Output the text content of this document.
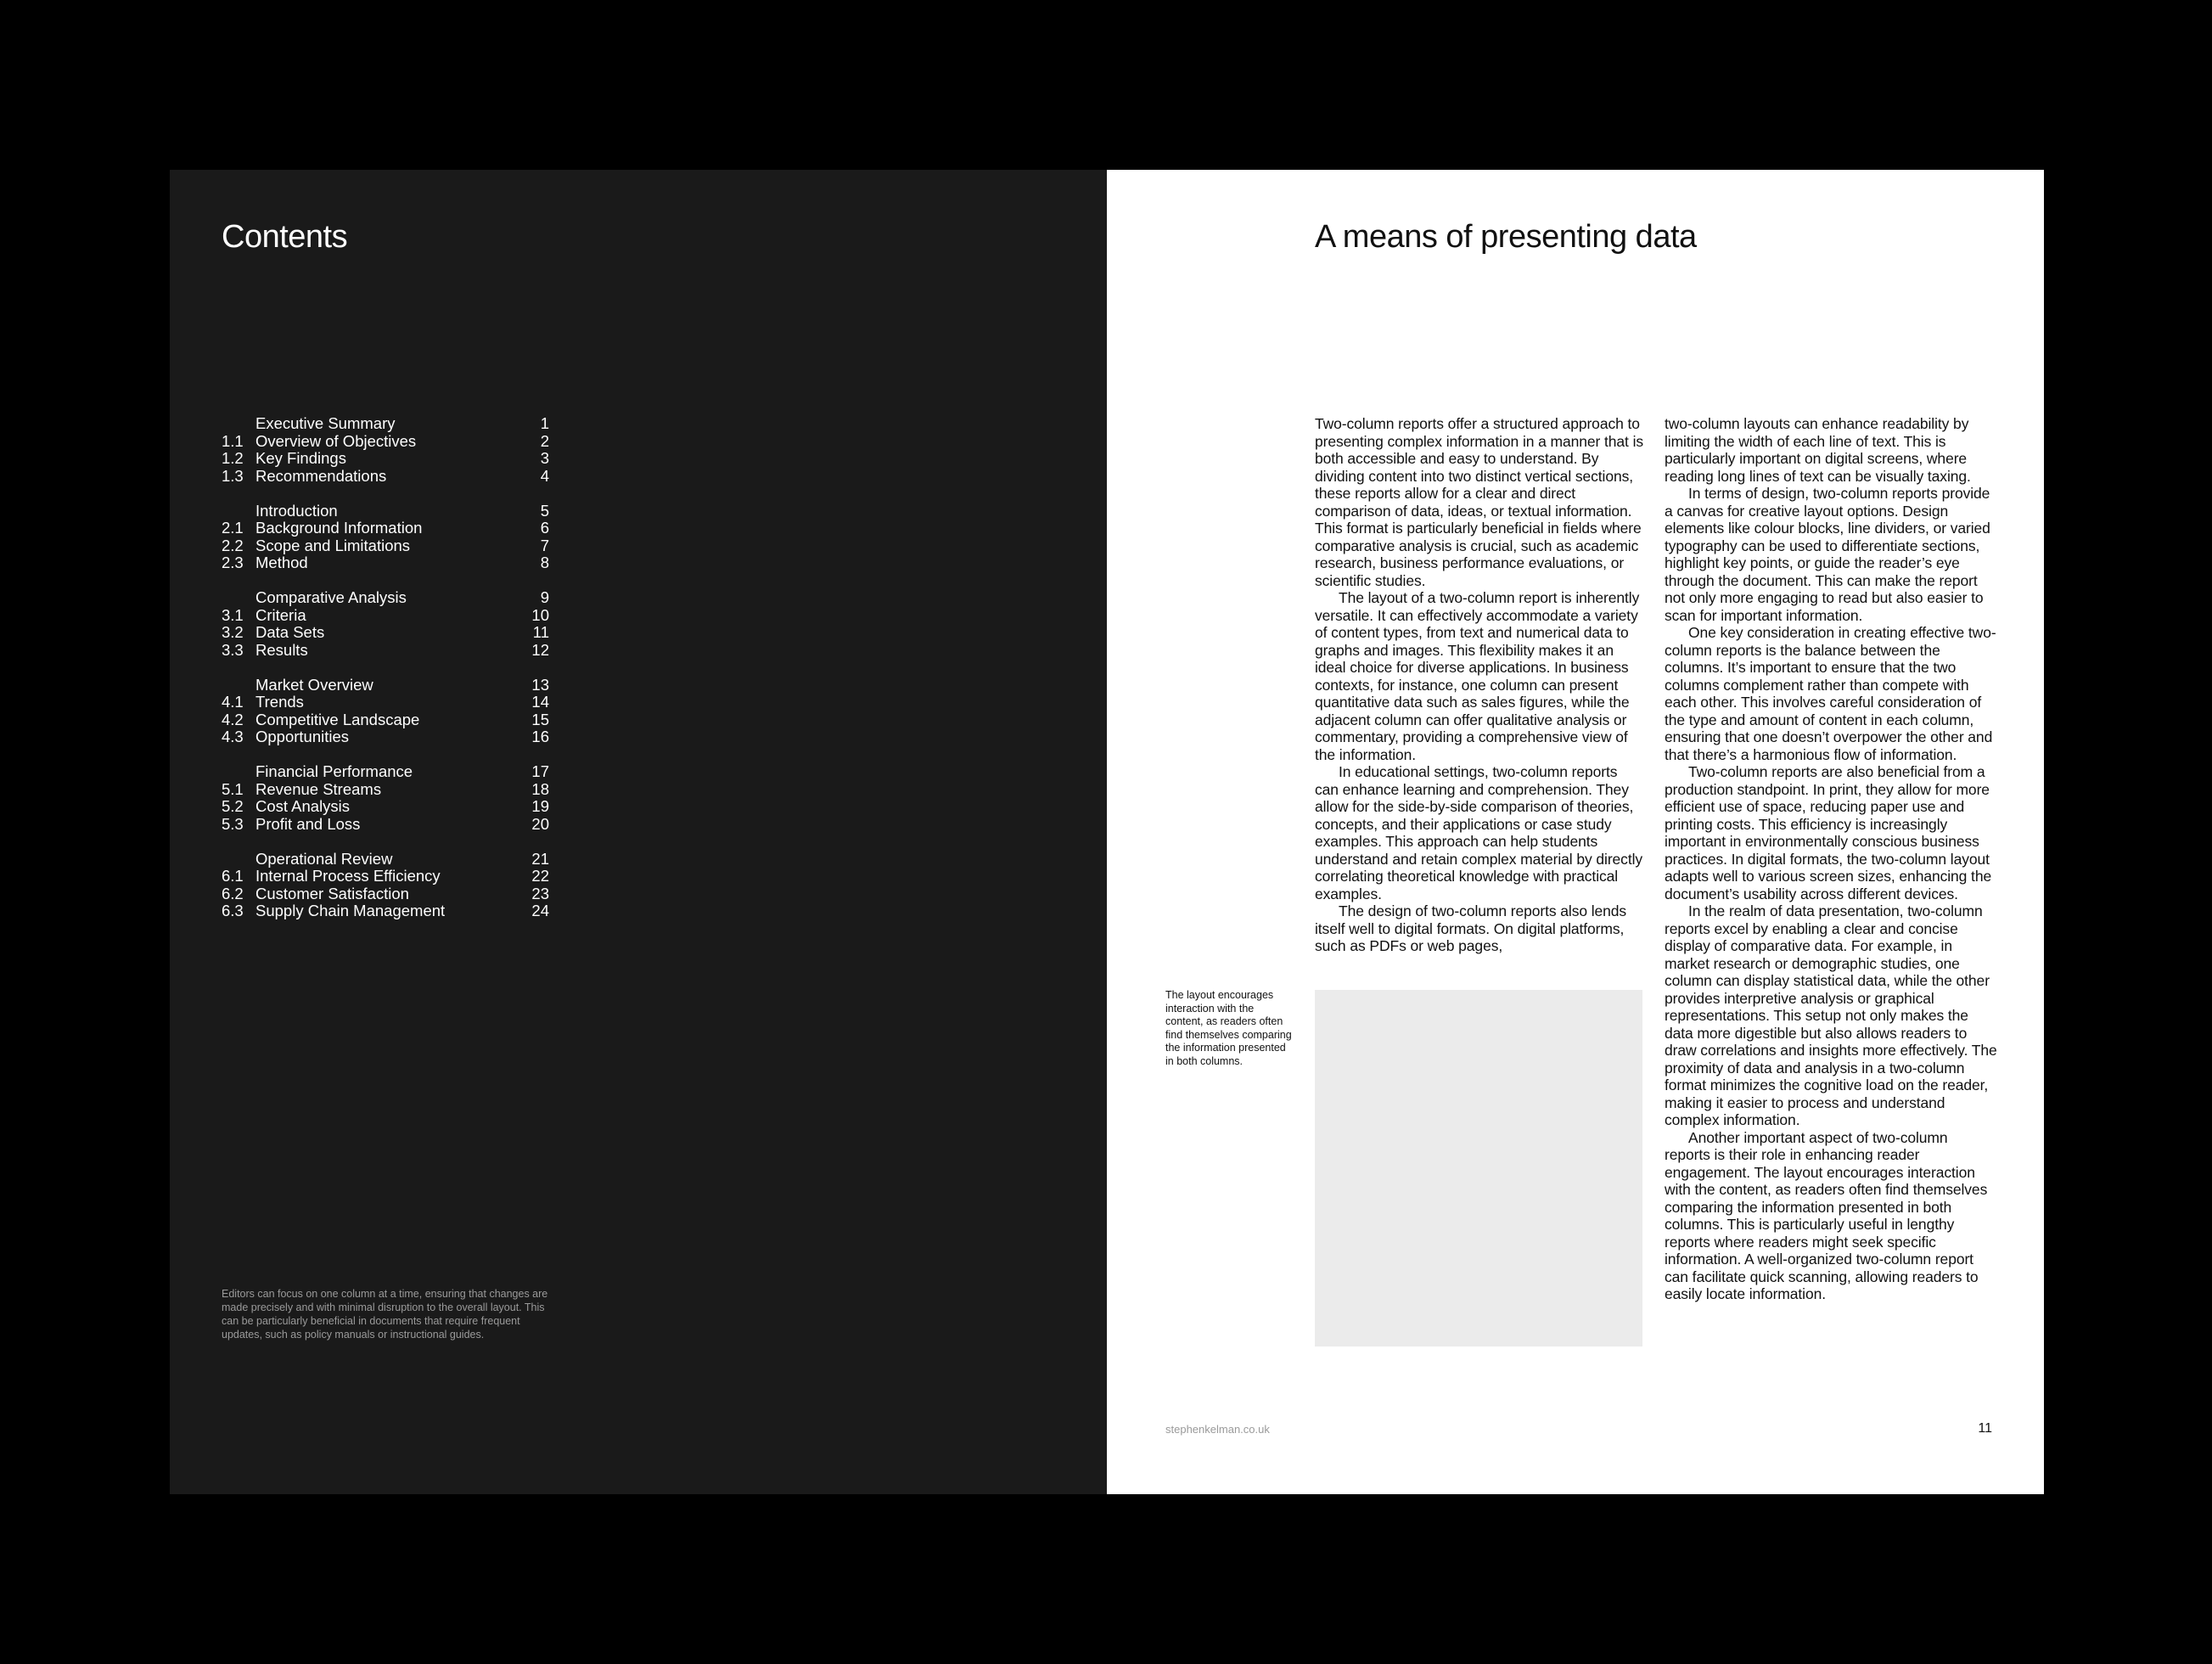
Contents
Executive Summary	1
1.1 Overview of Objectives	2
1.2 Key Findings	3
1.3 Recommendations	4
Introduction	5
2.1 Background Information	6
2.2 Scope and Limitations	7
2.3 Method	8
Comparative Analysis	9
3.1 Criteria	10
3.2 Data Sets	11
3.3 Results	12
Market Overview	13
4.1 Trends	14
4.2 Competitive Landscape	15
4.3 Opportunities	16
Financial Performance	17
5.1 Revenue Streams	18
5.2 Cost Analysis	19
5.3 Profit and Loss	20
Operational Review	21
6.1 Internal Process Efficiency	22
6.2 Customer Satisfaction	23
6.3 Supply Chain Management	24

Editors can focus on one column at a time, ensuring that changes are made precisely and with minimal disruption to the overall layout. This can be particularly beneficial in documents that require frequent updates, such as policy manuals or instructional guides.

A means of presenting data

Two-column reports offer a structured approach to presenting complex information in a manner that is both accessible and easy to understand. By dividing content into two distinct vertical sections, these reports allow for a clear and direct comparison of data, ideas, or textual information. This format is particularly beneficial in fields where comparative analysis is crucial, such as academic research, business performance evaluations, or scientific studies.

The layout of a two-column report is inherently versatile. It can effectively accommodate a variety of content types, from text and numerical data to graphs and images. This flexibility makes it an ideal choice for diverse applications. In business contexts, for instance, one column can present quantitative data such as sales figures, while the adjacent column can offer qualitative analysis or commentary, providing a comprehensive view of the information.

In educational settings, two-column reports can enhance learning and comprehension. They allow for the side-by-side comparison of theories, concepts, and their applications or case study examples. This approach can help students understand and retain complex material by directly correlating theoretical knowledge with practical examples.

The design of two-column reports also lends itself well to digital formats. On digital platforms, such as PDFs or web pages,

two-column layouts can enhance readability by limiting the width of each line of text. This is particularly important on digital screens, where reading long lines of text can be visually taxing.

In terms of design, two-column reports provide a canvas for creative layout options. Design elements like colour blocks, line dividers, or varied typography can be used to differentiate sections, highlight key points, or guide the reader’s eye through the document. This can make the report not only more engaging to read but also easier to scan for important information.

One key consideration in creating effective two-column reports is the balance between the columns. It’s important to ensure that the two columns complement rather than compete with each other. This involves careful consideration of the type and amount of content in each column, ensuring that one doesn’t overpower the other and that there’s a harmonious flow of information.

Two-column reports are also beneficial from a production standpoint. In print, they allow for more efficient use of space, reducing paper use and printing costs. This efficiency is increasingly important in environmentally conscious business practices. In digital formats, the two-column layout adapts well to various screen sizes, enhancing the document’s usability across different devices.

In the realm of data presentation, two-column reports excel by enabling a clear and concise display of comparative data. For example, in market research or demographic studies, one column can display statistical data, while the other provides interpretive analysis or graphical representations. This setup not only makes the data more digestible but also allows readers to draw correlations and insights more effectively. The proximity of data and analysis in a two-column format minimizes the cognitive load on the reader, making it easier to process and understand complex information.

Another important aspect of two-column reports is their role in enhancing reader engagement. The layout encourages interaction with the content, as readers often find themselves comparing the information presented in both columns. This is particularly useful in lengthy reports where readers might seek specific information. A well-organized two-column report can facilitate quick scanning, allowing readers to easily locate information.

The layout encourages interaction with the content, as readers often find themselves comparing the information presented in both columns.

stephenkelman.co.uk	11
